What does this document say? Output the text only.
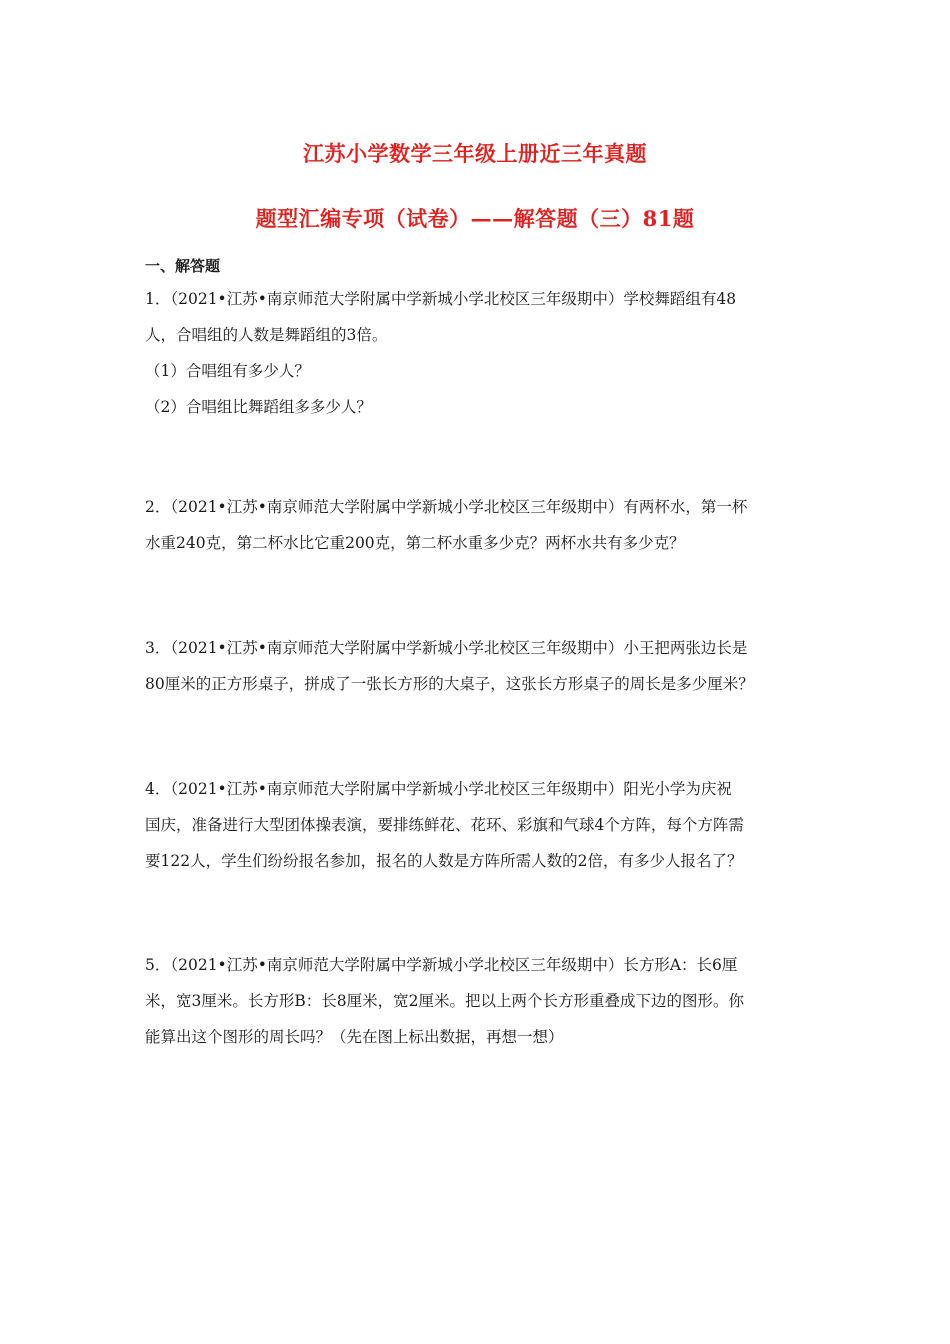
江苏小学数学三年级上册近三年真题
题型汇编专项（试卷）——解答题（三）81题
一、解答题

1．（2021•江苏•南京师范大学附属中学新城小学北校区三年级期中）学校舞蹈组有48

人，合唱组的人数是舞蹈组的3倍。

（1）合唱组有多少人？

（2）合唱组比舞蹈组多多少人？

2．（2021•江苏•南京师范大学附属中学新城小学北校区三年级期中）有两杯水，第一杯

水重240克，第二杯水比它重200克，第二杯水重多少克？两杯水共有多少克？

3．（2021•江苏•南京师范大学附属中学新城小学北校区三年级期中）小王把两张边长是

80厘米的正方形桌子，拼成了一张长方形的大桌子，这张长方形桌子的周长是多少厘米？

4．（2021•江苏•南京师范大学附属中学新城小学北校区三年级期中）阳光小学为庆祝

国庆，准备进行大型团体操表演，要排练鲜花、花环、彩旗和气球4个方阵，每个方阵需

要122人，学生们纷纷报名参加，报名的人数是方阵所需人数的2倍，有多少人报名了？

5．（2021•江苏•南京师范大学附属中学新城小学北校区三年级期中）长方形A：长6厘

米，宽3厘米。长方形B：长8厘米，宽2厘米。把以上两个长方形重叠成下边的图形。你

能算出这个图形的周长吗？（先在图上标出数据，再想一想）
